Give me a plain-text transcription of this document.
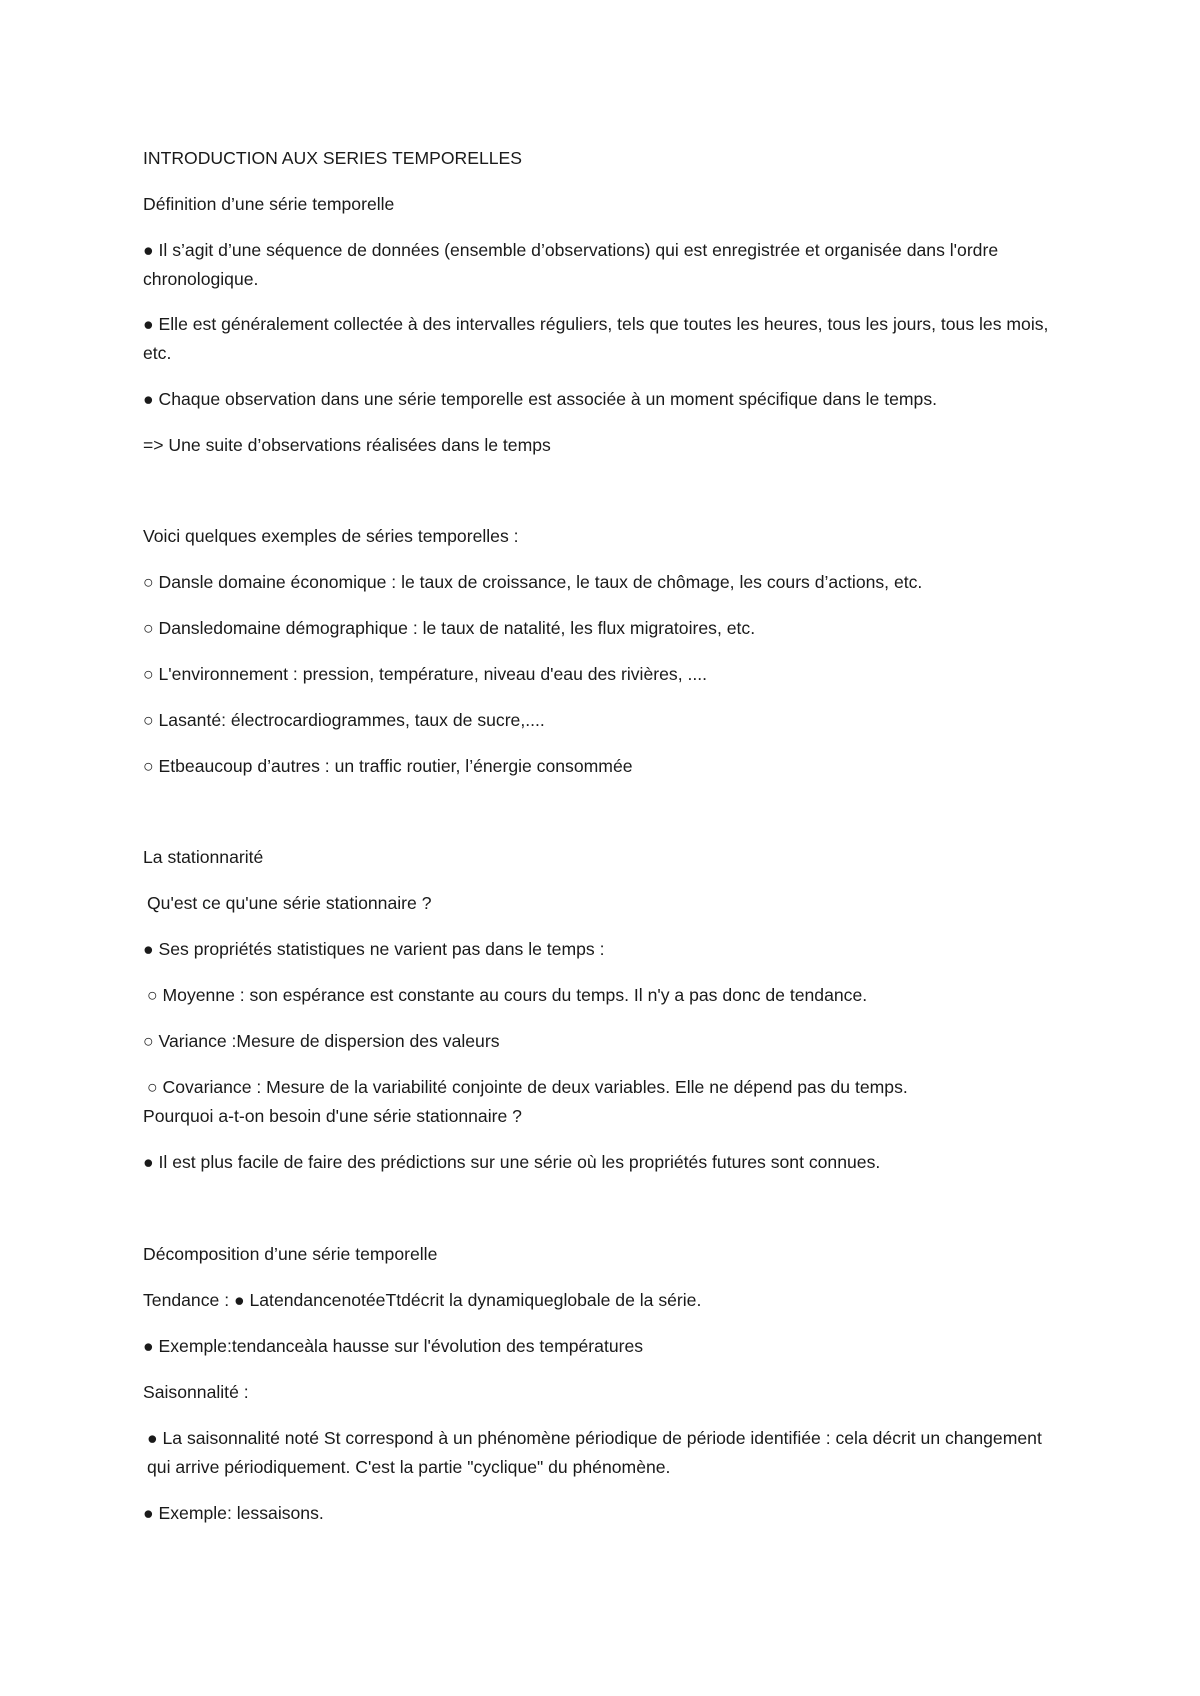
INTRODUCTION AUX SERIES TEMPORELLES

Définition d’une série temporelle

● Il s’agit d’une séquence de données (ensemble d’observations) qui est enregistrée et organisée dans l'ordre chronologique.

● Elle est généralement collectée à des intervalles réguliers, tels que toutes les heures, tous les jours, tous les mois, etc.

● Chaque observation dans une série temporelle est associée à un moment spécifique dans le temps.

=> Une suite d’observations réalisées dans le temps

Voici quelques exemples de séries temporelles :

○ Dansle domaine économique : le taux de croissance, le taux de chômage, les cours d’actions, etc.

○ Dansledomaine démographique : le taux de natalité, les flux migratoires, etc.

○ L'environnement : pression, température, niveau d'eau des rivières, ....

○ Lasanté: électrocardiogrammes, taux de sucre,....

○ Etbeaucoup d’autres : un traffic routier, l’énergie consommée

La stationnarité

Qu'est ce qu'une série stationnaire ?

● Ses propriétés statistiques ne varient pas dans le temps :

○ Moyenne : son espérance est constante au cours du temps. Il n'y a pas donc de tendance.

○ Variance :Mesure de dispersion des valeurs

○ Covariance : Mesure de la variabilité conjointe de deux variables. Elle ne dépend pas du temps.

Pourquoi a-t-on besoin d'une série stationnaire ?

● Il est plus facile de faire des prédictions sur une série où les propriétés futures sont connues.

Décomposition d’une série temporelle

Tendance : ● LatendancenotéeTtdécrit la dynamiqueglobale de la série.

● Exemple:tendanceàla hausse sur l'évolution des températures

Saisonnalité :

● La saisonnalité noté St correspond à un phénomène périodique de période identifiée : cela décrit un changement qui arrive périodiquement. C'est la partie "cyclique" du phénomène.

● Exemple: lessaisons.
